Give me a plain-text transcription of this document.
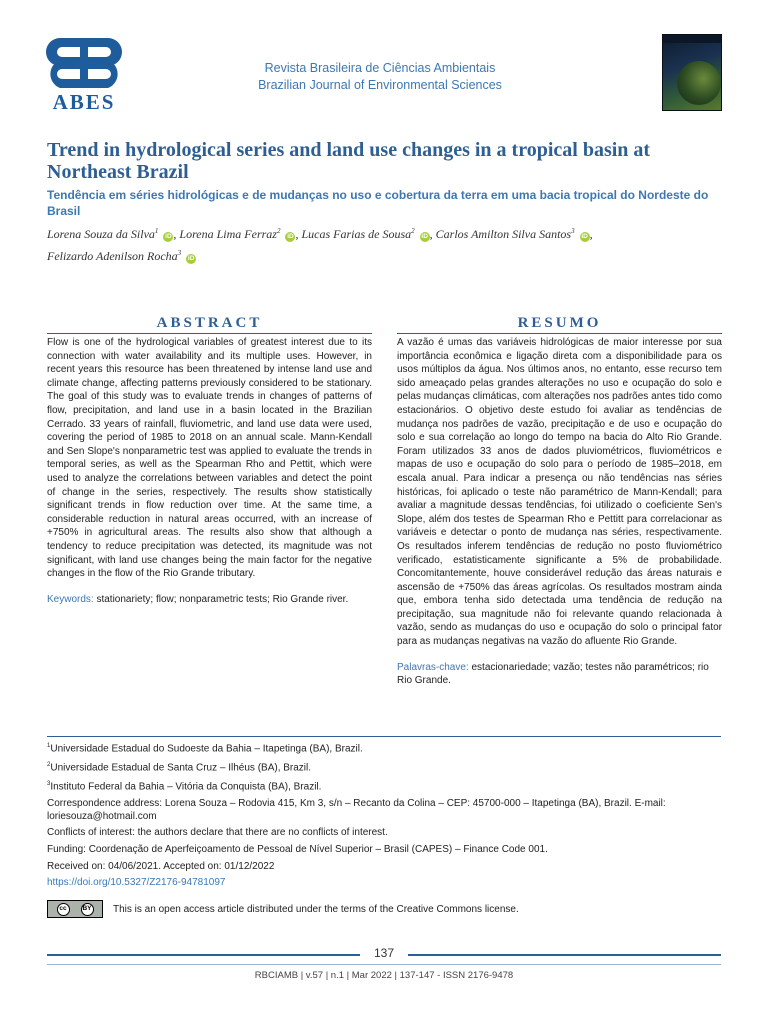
ABES
Revista Brasileira de Ciências Ambientais
Brazilian Journal of Environmental Sciences
Trend in hydrological series and land use changes in a tropical basin at Northeast Brazil
Tendência em séries hidrológicas e de mudanças no uso e cobertura da terra em uma bacia tropical do Nordeste do Brasil
Lorena Souza da Silva$^1$ iD , Lorena Lima Ferraz$^2$ iD , Lucas Farias de Sousa$^2$ iD , Carlos Amilton Silva Santos$^3$ iD ,
Felizardo Adenilson Rocha$^3$ iD
ABSTRACT

Flow is one of the hydrological variables of greatest interest due to its connection with water availability and its multiple uses. However, in recent years this resource has been threatened by intense land use and climate change, affecting patterns previously considered to be stationary. The goal of this study was to evaluate trends in changes of patterns of flow, precipitation, and land use in a basin located in the Brazilian Cerrado. 33 years of rainfall, fluviometric, and land use data were used, covering the period of 1985 to 2018 on an annual scale. Mann-Kendall and Sen Slope's nonparametric test was applied to evaluate the trends in temporal series, as well as the Spearman Rho and Pettit, which were used to analyze the correlations between variables and detect the point of change in the series, respectively. The results show statistically significant trends in flow reduction over time. At the same time, a considerable reduction in natural areas occurred, with an increase of +750% in agricultural areas. The results also show that although a tendency to reduce precipitation was detected, its magnitude was not significant, with land use changes being the main factor for the negative changes in the flow of the Rio Grande tributary.

Keywords: stationariety; flow; nonparametric tests; Rio Grande river.

RESUMO

A vazão é umas das variáveis hidrológicas de maior interesse por sua importância econômica e ligação direta com a disponibilidade para os usos múltiplos da água. Nos últimos anos, no entanto, esse recurso tem sido ameaçado pelas grandes alterações no uso e ocupação do solo e pelas mudanças climáticas, com alterações nos padrões antes tido como estacionários. O objetivo deste estudo foi avaliar as tendências de mudança nos padrões de vazão, precipitação e de uso e ocupação do solo e sua correlação ao longo do tempo na bacia do Alto Rio Grande. Foram utilizados 33 anos de dados pluviométricos, fluviométricos e mapas de uso e ocupação do solo para o período de 1985–2018, em escala anual. Para indicar a presença ou não tendências nas séries históricas, foi aplicado o teste não paramétrico de Mann-Kendall; para avaliar a magnitude dessas tendências, foi utilizado o coeficiente Sen's Slope, além dos testes de Spearman Rho e Pettitt para correlacionar as variáveis e detectar o ponto de mudança nas séries, respectivamente. Os resultados inferem tendências de redução no posto fluviométrico verificado, estatisticamente significante a 5% de probabilidade. Concomitantemente, houve considerável redução das áreas naturais e ascensão de +750% das áreas agrícolas. Os resultados mostram ainda que, embora tenha sido detectada uma tendência de redução na precipitação, sua magnitude não foi relevante quando relacionada à vazão, sendo as mudanças do uso e ocupação do solo o principal fator para as mudanças negativas na vazão do afluente Rio Grande.

Palavras-chave: estacionariedade; vazão; testes não paramétricos; rio Rio Grande.

$^1$Universidade Estadual do Sudoeste da Bahia – Itapetinga (BA), Brazil.

$^2$Universidade Estadual de Santa Cruz – Ilhéus (BA), Brazil.

$^3$Instituto Federal da Bahia – Vitória da Conquista (BA), Brazil.

Correspondence address: Lorena Souza – Rodovia 415, Km 3, s/n – Recanto da Colina – CEP: 45700-000 – Itapetinga (BA), Brazil. E-mail: loriesouza@hotmail.com

Conflicts of interest: the authors declare that there are no conflicts of interest.

Funding: Coordenação de Aperfeiçoamento de Pessoal de Nível Superior – Brasil (CAPES) – Finance Code 001.

Received on: 04/06/2021. Accepted on: 01/12/2022

https://doi.org/10.5327/Z2176-94781097

cc	BY This is an open access article distributed under the terms of the Creative Commons license.
137
RBCIAMB | v.57 | n.1 | Mar 2022 | 137-147 - ISSN 2176-9478
